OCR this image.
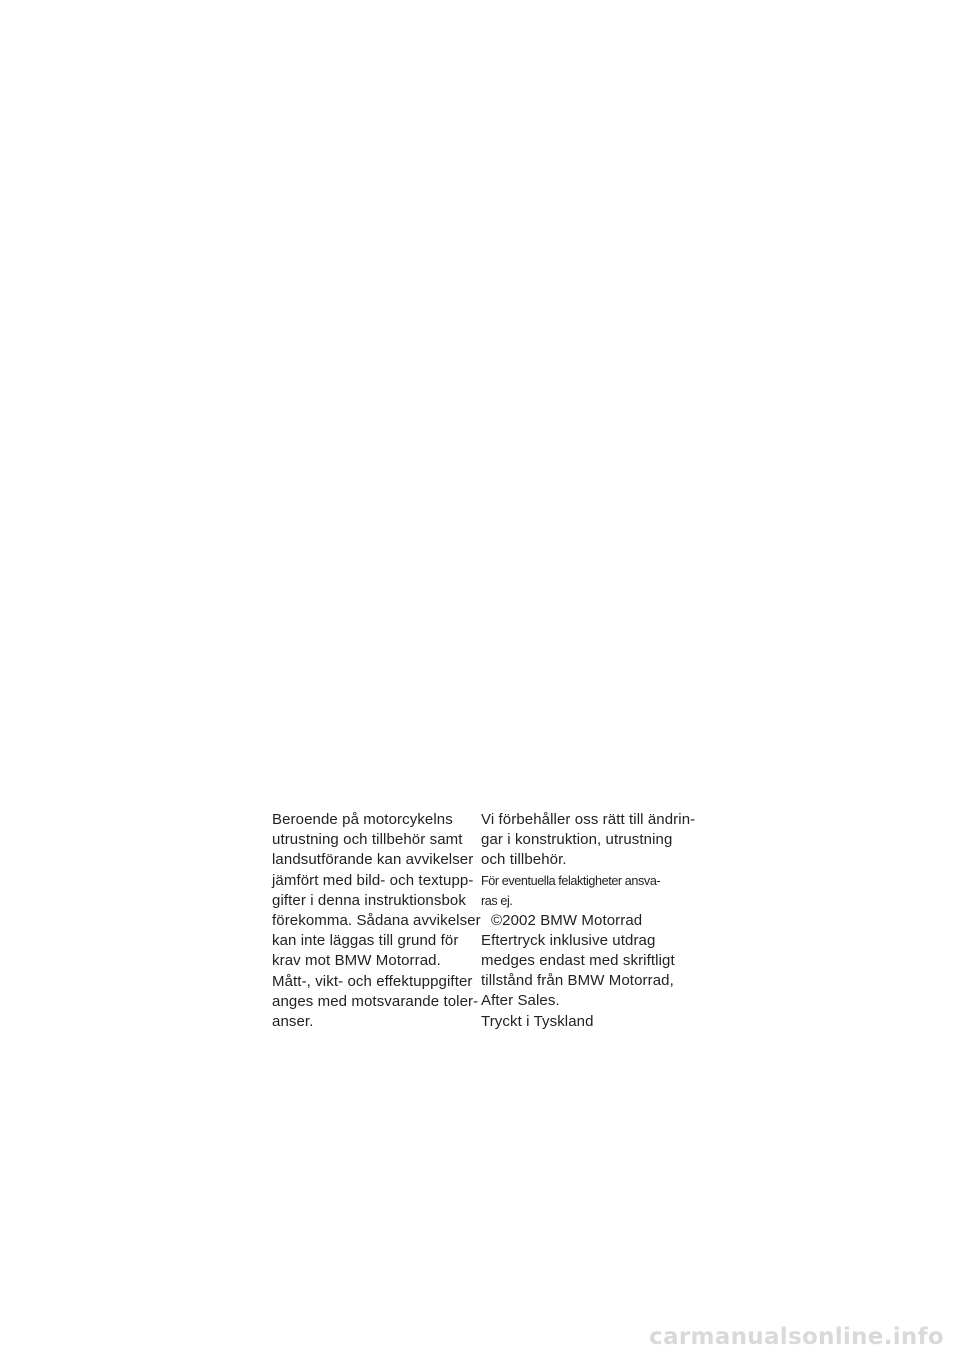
Beroende på motorcykelns
utrustning och tillbehör samt
landsutförande kan avvikelser
jämfört med bild- och textupp-
gifter i denna instruktionsbok
förekomma. Sådana avvikelser
kan inte läggas till grund för
krav mot BMW Motorrad.
Mått-, vikt- och effektuppgifter
anges med motsvarande toler-
anser.
Vi förbehåller oss rätt till ändrin-
gar i konstruktion, utrustning
och tillbehör.
För eventuella felaktigheter ansva-
ras ej.
©2002 BMW Motorrad
Eftertryck inklusive utdrag
medges endast med skriftligt
tillstånd från BMW Motorrad,
After Sales.
Tryckt i Tyskland
carmanualsonline.info
